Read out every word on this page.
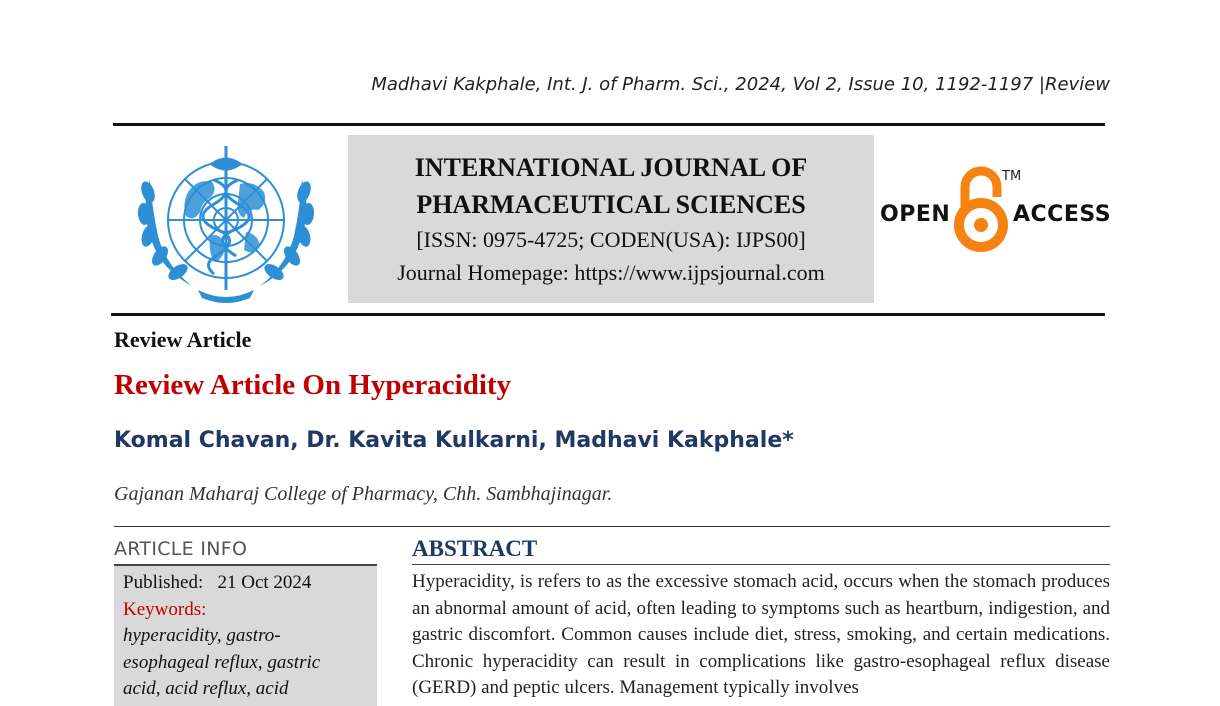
Madhavi Kakphale, Int. J. of Pharm. Sci., 2024, Vol 2, Issue 10, 1192-1197 |Review
INTERNATIONAL JOURNAL OF
PHARMACEUTICAL SCIENCES
[ISSN: 0975-4725; CODEN(USA): IJPS00]
Journal Homepage: https://www.ijpsjournal.com
OPEN
TM
ACCESS
Review Article
Review Article On Hyperacidity
Komal Chavan, Dr. Kavita Kulkarni, Madhavi Kakphale*
Gajanan Maharaj College of Pharmacy, Chh. Sambhajinagar.
ARTICLE INFO
Published: 21 Oct 2024
Keywords:
hyperacidity, gastro-
esophageal reflux, gastric
acid, acid reflux, acid
ABSTRACT
Hyperacidity, is refers to as the excessive stomach acid, occurs when the stomach produces an abnormal amount of acid, often leading to symptoms such as heartburn, indigestion, and gastric discomfort. Common causes include diet, stress, smoking, and certain medications. Chronic hyperacidity can result in complications like gastro-esophageal reflux disease (GERD) and peptic ulcers. Management typically involves
